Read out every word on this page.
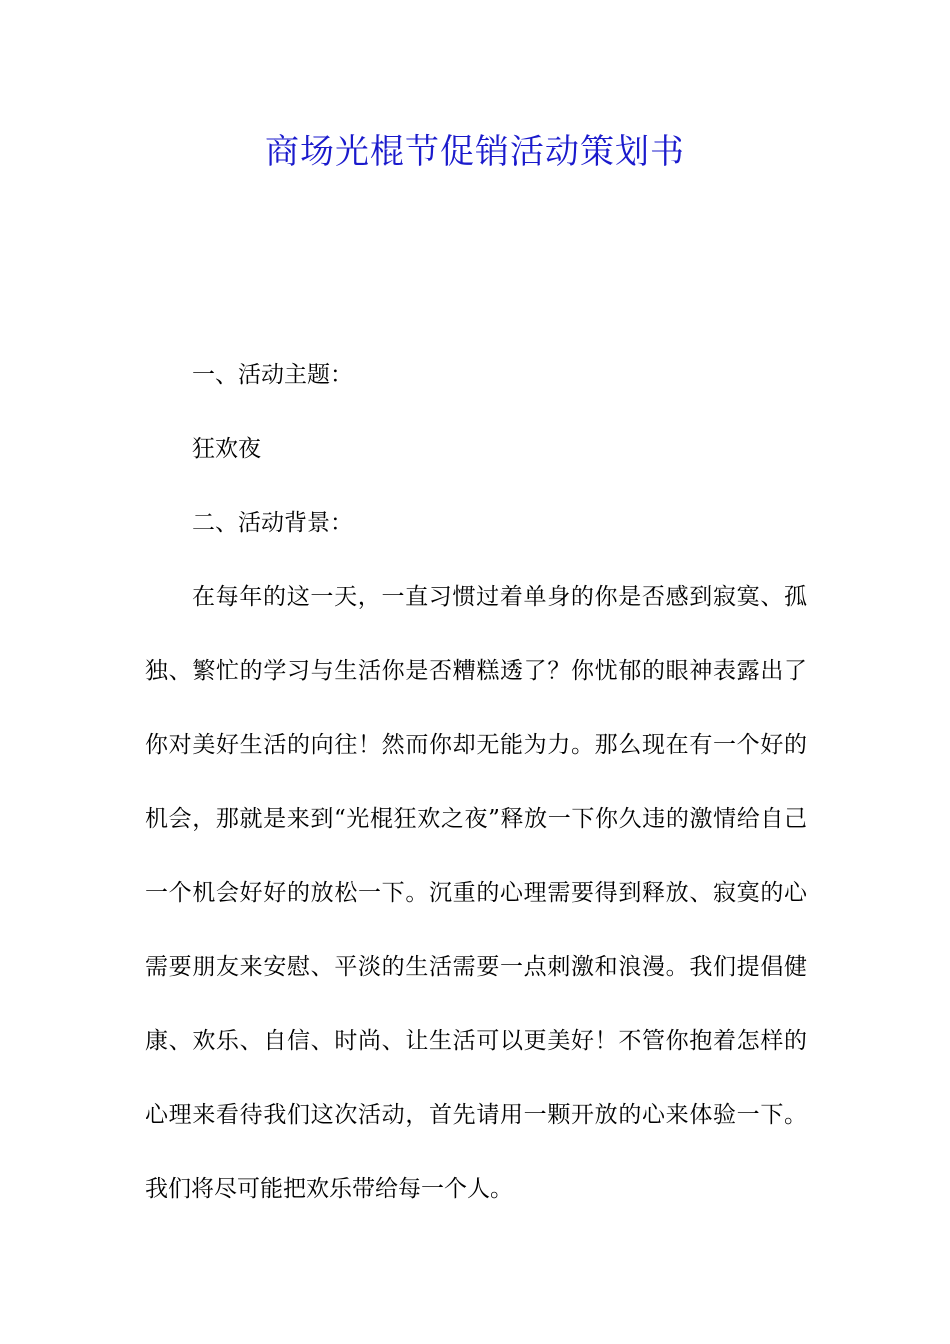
商场光棍节促销活动策划书
一、活动主题：
狂欢夜
二、活动背景：
在每年的这一天，一直习惯过着单身的你是否感到寂寞、孤独、繁忙的学习与生活你是否糟糕透了？你忧郁的眼神表露出了你对美好生活的向往！然而你却无能为力。那么现在有一个好的机会，那就是来到“光棍狂欢之夜”释放一下你久违的激情给自己一个机会好好的放松一下。沉重的心理需要得到释放、寂寞的心需要朋友来安慰、平淡的生活需要一点刺激和浪漫。我们提倡健康、欢乐、自信、时尚、让生活可以更美好！不管你抱着怎样的心理来看待我们这次活动，首先请用一颗开放的心来体验一下。我们将尽可能把欢乐带给每一个人。
